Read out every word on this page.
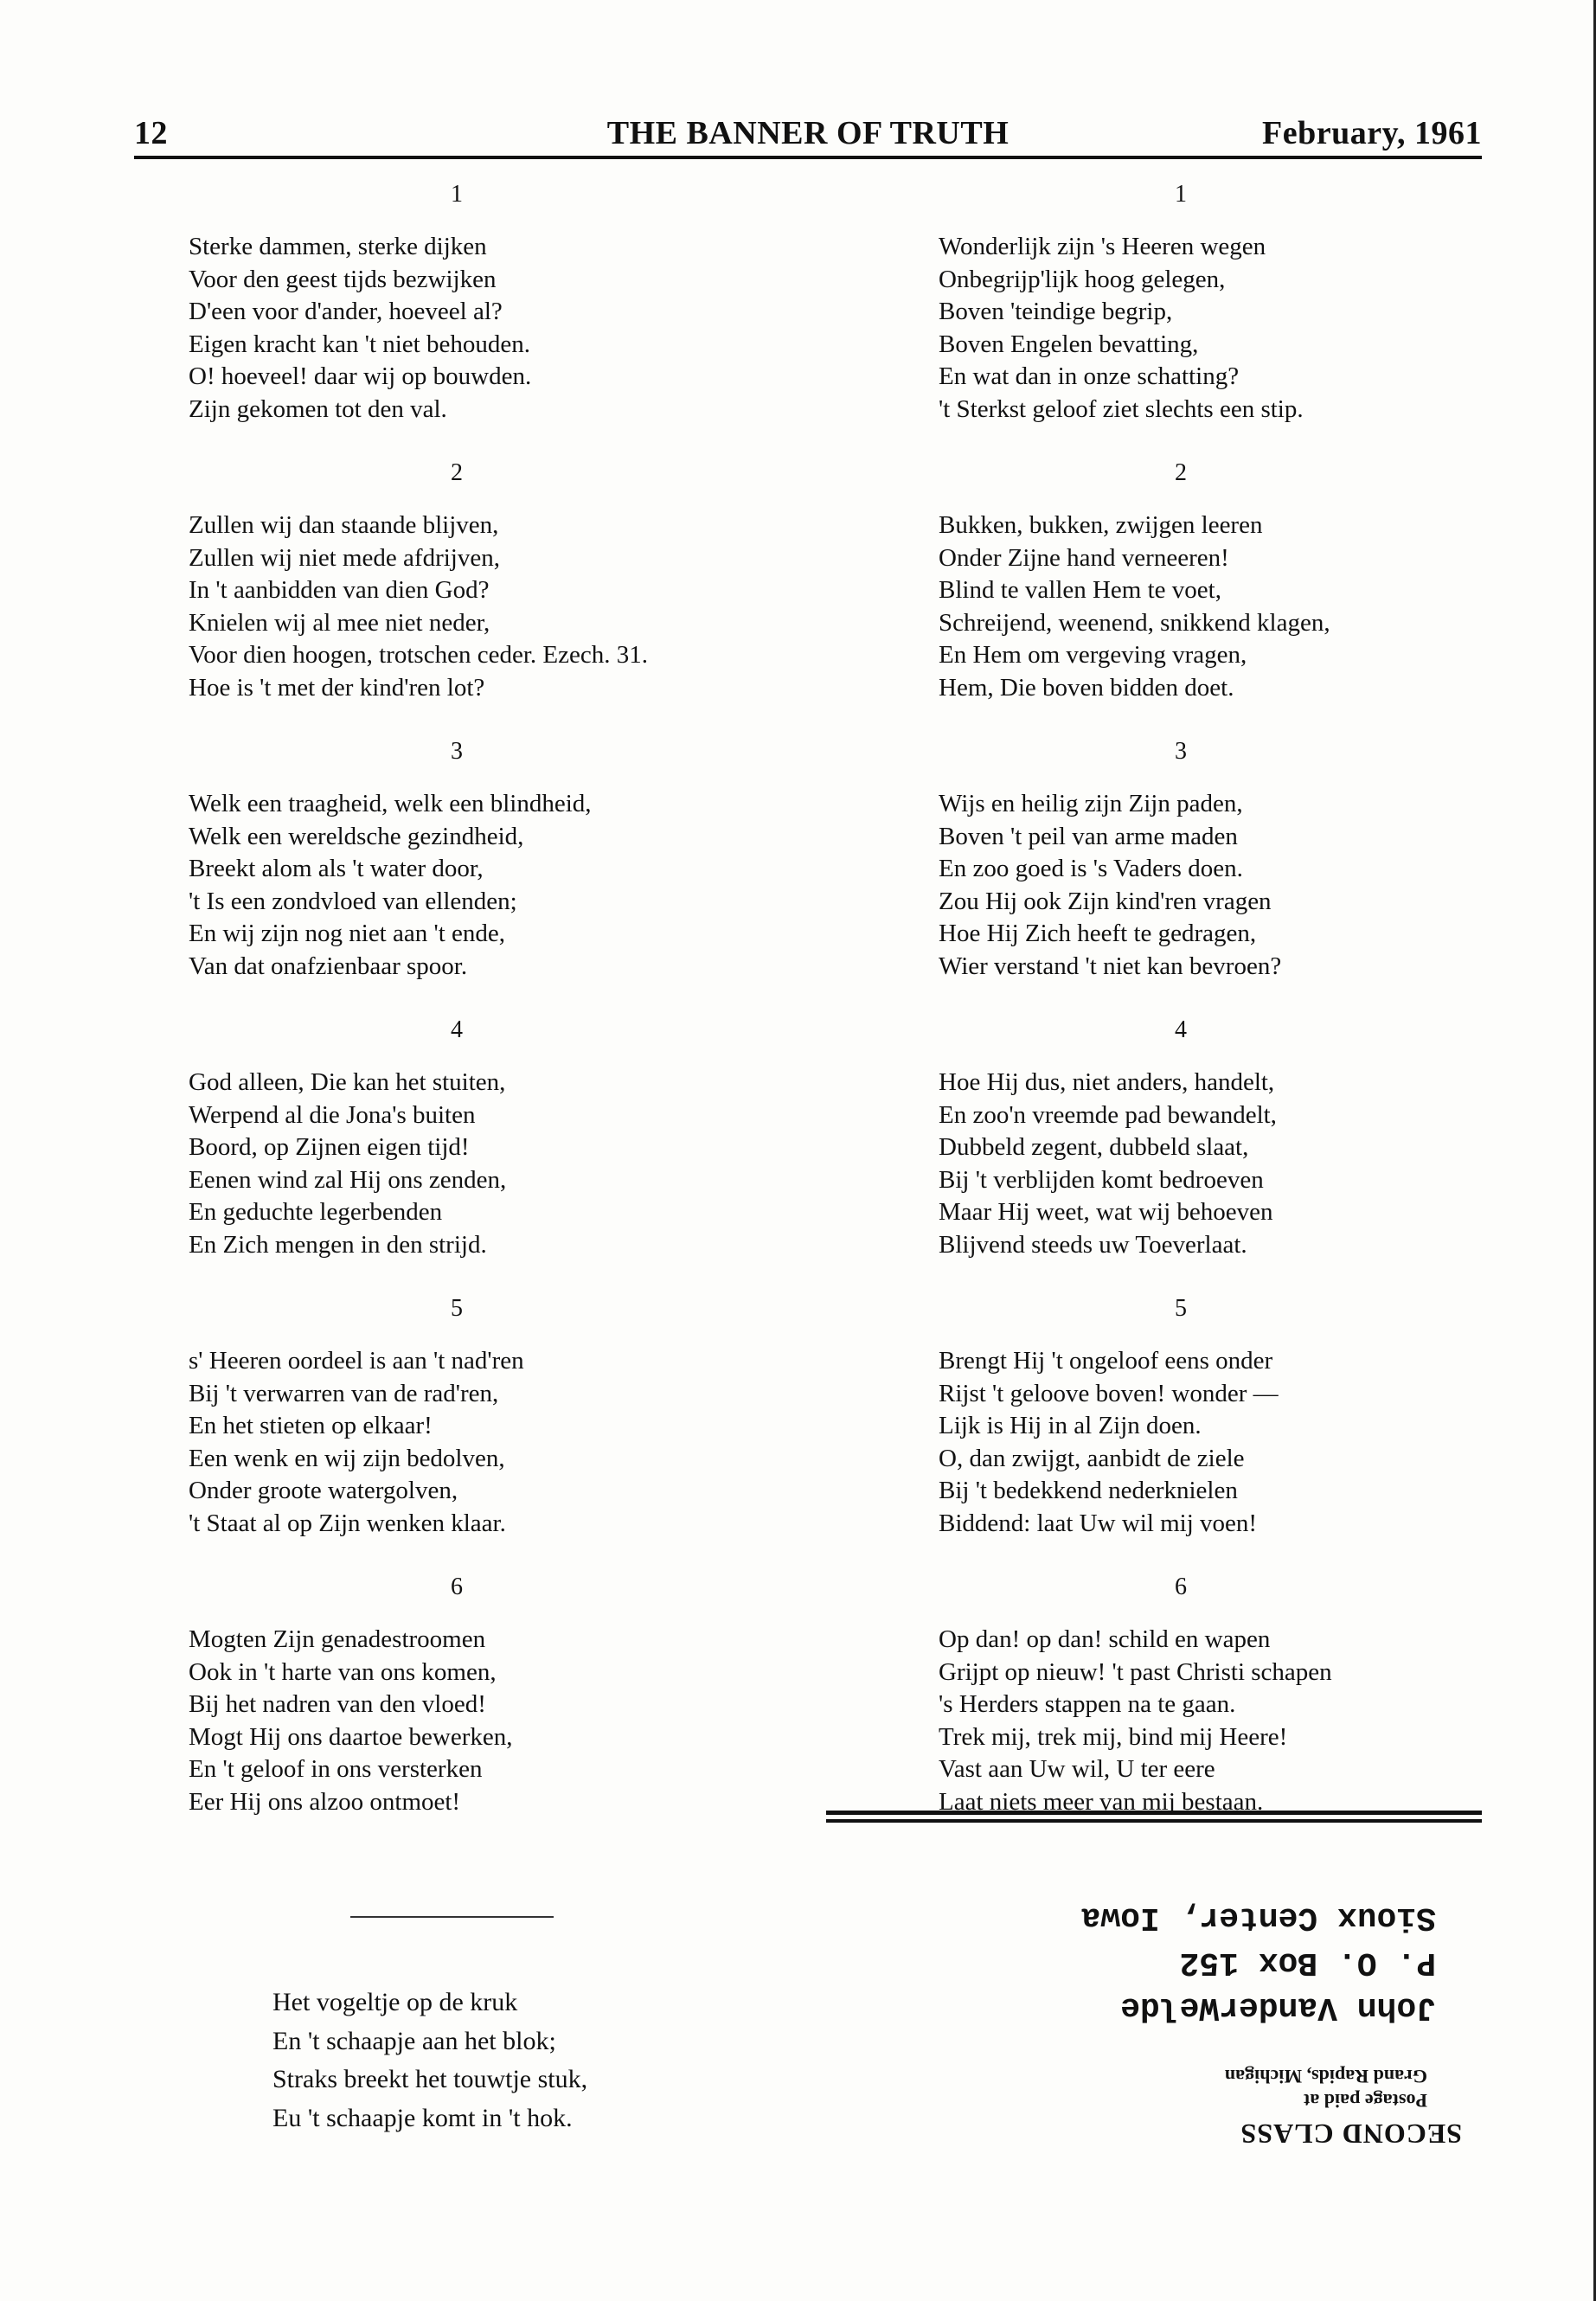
12	THE BANNER OF TRUTH	February, 1961
1
Sterke dammen, sterke dijken
Voor den geest tijds bezwijken
D'een voor d'ander, hoeveel al?
Eigen kracht kan 't niet behouden.
O! hoeveel! daar wij op bouwden.
Zijn gekomen tot den val.
2
Zullen wij dan staande blijven,
Zullen wij niet mede afdrijven,
In 't aanbidden van dien God?
Knielen wij al mee niet neder,
Voor dien hoogen, trotschen ceder. Ezech. 31.
Hoe is 't met der kind'ren lot?
3
Welk een traagheid, welk een blindheid,
Welk een wereldsche gezindheid,
Breekt alom als 't water door,
't Is een zondvloed van ellenden;
En wij zijn nog niet aan 't ende,
Van dat onafzienbaar spoor.
4
God alleen, Die kan het stuiten,
Werpend al die Jona's buiten
Boord, op Zijnen eigen tijd!
Eenen wind zal Hij ons zenden,
En geduchte legerbenden
En Zich mengen in den strijd.
5
s' Heeren oordeel is aan 't nad'ren
Bij 't verwarren van de rad'ren,
En het stieten op elkaar!
Een wenk en wij zijn bedolven,
Onder groote watergolven,
't Staat al op Zijn wenken klaar.
6
Mogten Zijn genadestroomen
Ook in 't harte van ons komen,
Bij het nadren van den vloed!
Mogt Hij ons daartoe bewerken,
En 't geloof in ons versterken
Eer Hij ons alzoo ontmoet!
1
Wonderlijk zijn 's Heeren wegen
Onbegrijp'lijk hoog gelegen,
Boven 'teindige begrip,
Boven Engelen bevatting,
En wat dan in onze schatting?
't Sterkst geloof ziet slechts een stip.
2
Bukken, bukken, zwijgen leeren
Onder Zijne hand verneeren!
Blind te vallen Hem te voet,
Schreijend, weenend, snikkend klagen,
En Hem om vergeving vragen,
Hem, Die boven bidden doet.
3
Wijs en heilig zijn Zijn paden,
Boven 't peil van arme maden
En zoo goed is 's Vaders doen.
Zou Hij ook Zijn kind'ren vragen
Hoe Hij Zich heeft te gedragen,
Wier verstand 't niet kan bevroen?
4
Hoe Hij dus, niet anders, handelt,
En zoo'n vreemde pad bewandelt,
Dubbeld zegent, dubbeld slaat,
Bij 't verblijden komt bedroeven
Maar Hij weet, wat wij behoeven
Blijvend steeds uw Toeverlaat.
5
Brengt Hij 't ongeloof eens onder
Rijst 't geloove boven! wonder —
Lijk is Hij in al Zijn doen.
O, dan zwijgt, aanbidt de ziele
Bij 't bedekkend nederknielen
Biddend: laat Uw wil mij voen!
6
Op dan! op dan! schild en wapen
Grijpt op nieuw! 't past Christi schapen
's Herders stappen na te gaan.
Trek mij, trek mij, bind mij Heere!
Vast aan Uw wil, U ter eere
Laat niets meer van mij bestaan.
Het vogeltje op de kruk
En 't schaapje aan het blok;
Straks breekt het touwtje stuk,
Eu 't schaapje komt in 't hok.
SECOND CLASS
Postage paid at
Grand Rapids, Michigan
John VanderWelde
P. O. Box 152
Sioux Center, Iowa
